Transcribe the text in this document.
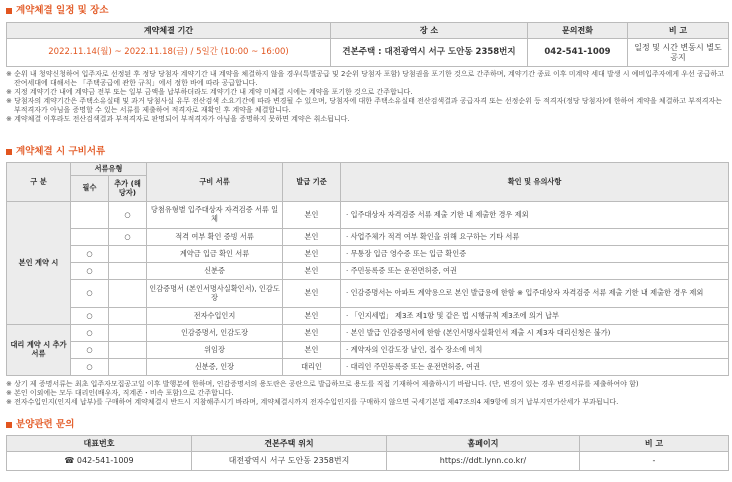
계약체결 일정 및 장소
계약체결 기간	장 소	문의전화	비 고
2022.11.14(월) ~ 2022.11.18(금) / 5일간 (10:00 ~ 16:00)	견본주택 : 대전광역시 서구 도안동 2358번지	042-541-1009	일정 및 시간 변동시 별도 공지

※ 순위 내 청약신청하여 입주자로 선정된 후 정당 당첨자 계약기간 내 계약을 체결하지 않을 경우(특별공급 및 2순위 당첨자 포함) 당첨권을 포기한 것으로 간주하며, 계약기간 종료 이후 미계약 세대 발생 시 예비입주자에게 우선 공급하고 잔여세대에 대해서는 「주택공급에 관한 규칙」에서 정한 바에 따라 공급합니다.

※ 지정 계약기간 내에 계약금 전부 또는 일부 금액을 납부하더라도 계약기간 내 계약 미체결 시에는 계약을 포기한 것으로 간주합니다.

※ 당첨자의 계약기간은 주택소유실태 및 과거 당첨사실 유무 전산검색 소요기간에 따라 변경될 수 있으며, 당첨자에 대한 주택소유실태 전산검색결과 공급자격 또는 선정순위 등 적격자(정당 당첨자)에 한하여 계약을 체결하고 부적격자는 부적격자가 아님을 증명할 수 있는 서류를 제출하여 적격자로 재확인 후 계약을 체결합니다.

※ 계약체결 이후라도 전산검색결과 부적격자로 판명되어 부적격자가 아님을 증명하지 못하면 계약은 취소됩니다.

계약체결 시 구비서류
구 분	서류유형		구비 서류	발급 기준	확인 및 유의사항
	필수	추가 (해당자)			
본인 계약 시		○	당첨유형별 입주대상자 자격검증 서류 일체	본인	· 입주대상자 자격검증 서류 제출 기한 내 제출한 경우 제외
		○	적격 여부 확인 증빙 서류	본인	· 사업주체가 적격 여부 확인을 위해 요구하는 기타 서류
	○		계약금 입금 확인 서류	본인	· 무통장 입금 영수증 또는 입금 확인증
	○		신분증	본인	· 주민등록증 또는 운전면허증, 여권
	○		인감증명서 (본인서명사실확인서), 인감도장	본인	· 인감증명서는 아파트 계약용으로 본인 발급용에 한함 ※ 입주대상자 자격검증 서류 제출 기한 내 제출한 경우 제외
	○		전자수입인지	본인	· 「인지세법」 제3조 제1항 및 같은 법 시행규칙 제3조에 의거 납부
대리 계약 시 추가서류	○		인감증명서, 인감도장	본인	· 본인 발급 인감증명서에 한함 (본인서명사실확인서 제출 시 제3자 대리신청은 불가)
	○		위임장	본인	· 계약자의 인감도장 날인, 접수 장소에 비치
	○		신분증, 인장	대리인	· 대리인 주민등록증 또는 운전면허증, 여권

※ 상기 제 증명서류는 최초 입주자모집공고일 이후 발행분에 한하며, 인감증명서의 용도란은 공란으로 발급하므로 용도를 직접 기재하여 제출하시기 바랍니다. (단, 변경이 있는 경우 변경서류를 제출하여야 함)

※ 본인 이외에는 모두 대리인(배우자, 직계존・비속 포함)으로 간주합니다.

※ 전자수입인지(인지세 납부)를 구매하여 계약체결시 반드시 지참해주시기 바라며, 계약체결시까지 전자수입인지를 구매하지 않으면 국세기본법 제47조의4 제9항에 의거 납부지연가산세가 부과됩니다.

분양관련 문의
대표번호	견본주택 위치	홈페이지	비 고
☎ 042-541-1009	대전광역시 서구 도안동 2358번지	https://ddt.lynn.co.kr/	-
